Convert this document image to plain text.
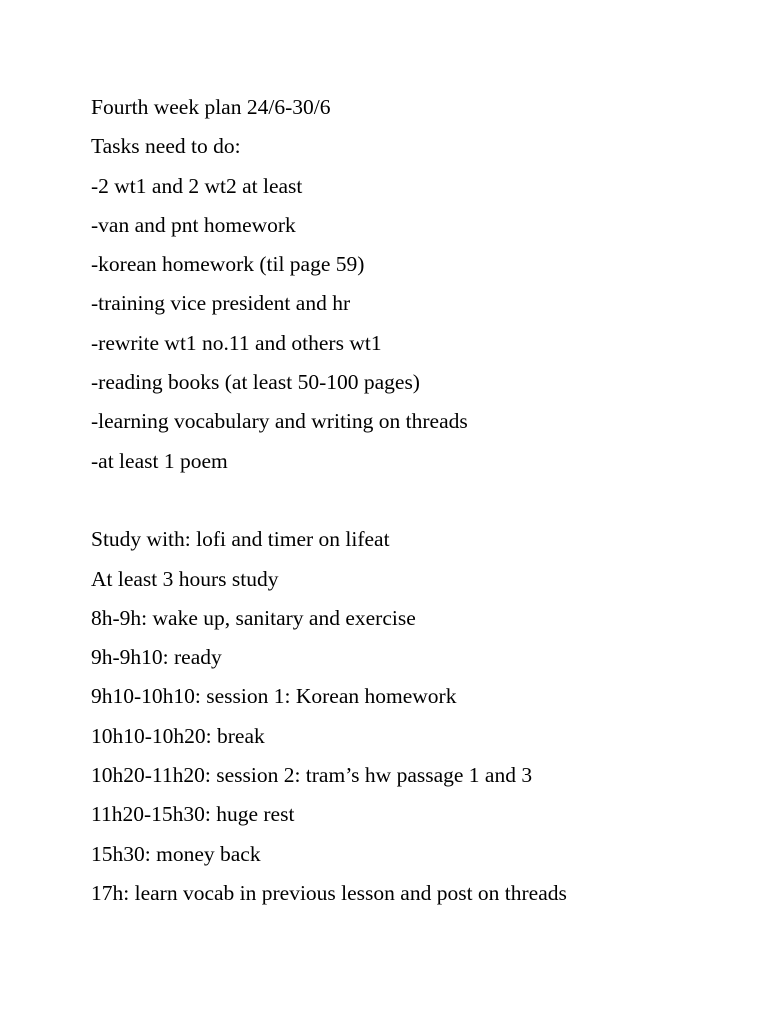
Fourth week plan 24/6-30/6

Tasks need to do:

-2 wt1 and 2 wt2 at least

-van and pnt homework

-korean homework (til page 59)

-training vice president and hr

-rewrite wt1 no.11 and others wt1

-reading books (at least 50-100 pages)

-learning vocabulary and writing on threads

-at least 1 poem

Study with: lofi and timer on lifeat

At least 3 hours study

8h-9h: wake up, sanitary and exercise

9h-9h10: ready

9h10-10h10: session 1: Korean homework

10h10-10h20: break

10h20-11h20: session 2: tram’s hw passage 1 and 3

11h20-15h30: huge rest

15h30: money back

17h: learn vocab in previous lesson and post on threads
